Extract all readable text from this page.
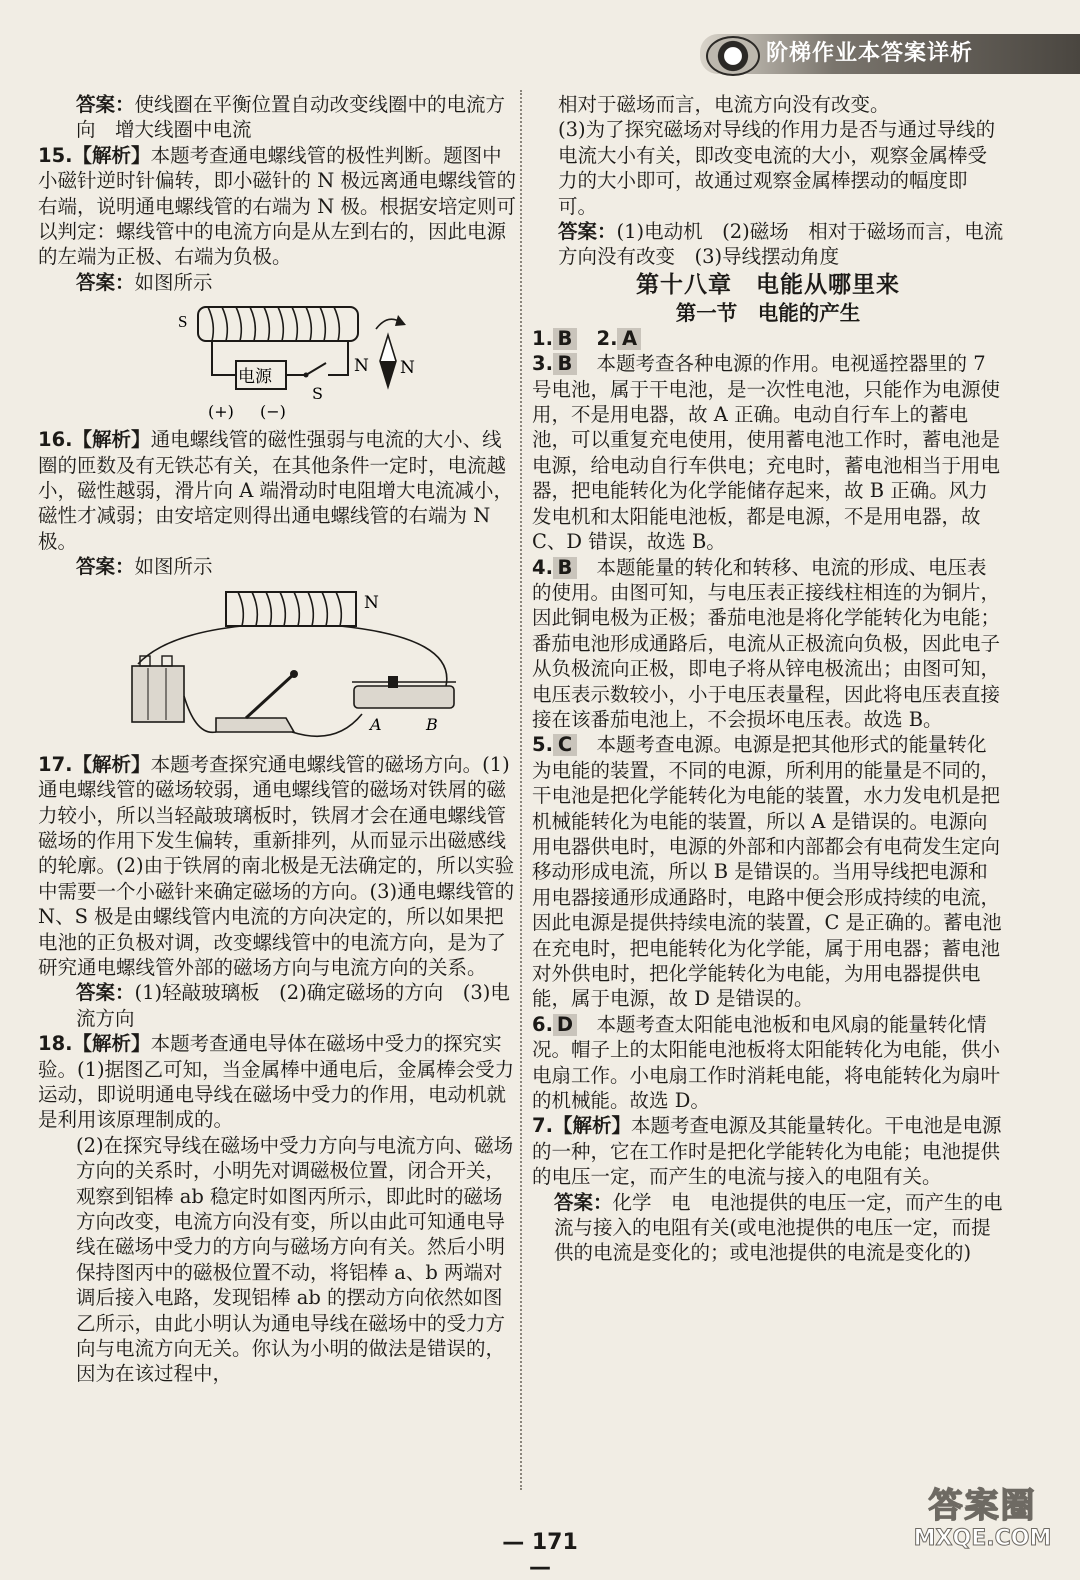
阶梯作业本答案详析

答案：使线圈在平衡位置自动改变线圈中的电流方向　增大线圈中电流

15.【解析】本题考查通电螺线管的极性判断。题图中小磁针逆时针偏转，即小磁针的 N 极远离通电螺线管的右端，说明通电螺线管的右端为 N 极。根据安培定则可以判定：螺线管中的电流方向是从左到右的，因此电源的左端为正极、右端为负极。

答案：如图所示

S
电源
S
N
(+) (−)
N

16.【解析】通电螺线管的磁性强弱与电流的大小、线圈的匝数及有无铁芯有关，在其他条件一定时，电流越小，磁性越弱，滑片向 A 端滑动时电阻增大电流减小，磁性才减弱；由安培定则得出通电螺线管的右端为 N 极。

答案：如图所示

N
A	B

17.【解析】本题考查探究通电螺线管的磁场方向。(1)通电螺线管的磁场较弱，通电螺线管的磁场对铁屑的磁力较小，所以当轻敲玻璃板时，铁屑才会在通电螺线管磁场的作用下发生偏转，重新排列，从而显示出磁感线的轮廓。(2)由于铁屑的南北极是无法确定的，所以实验中需要一个小磁针来确定磁场的方向。(3)通电螺线管的 N、S 极是由螺线管内电流的方向决定的，所以如果把电池的正负极对调，改变螺线管中的电流方向，是为了研究通电螺线管外部的磁场方向与电流方向的关系。

答案：(1)轻敲玻璃板　(2)确定磁场的方向　(3)电流方向

18.【解析】本题考查通电导体在磁场中受力的探究实验。(1)据图乙可知，当金属棒中通电后，金属棒会受力运动，即说明通电导线在磁场中受力的作用，电动机就是利用该原理制成的。

(2)在探究导线在磁场中受力方向与电流方向、磁场方向的关系时，小明先对调磁极位置，闭合开关，观察到铝棒 ab 稳定时如图丙所示，即此时的磁场方向改变，电流方向没有变，所以由此可知通电导线在磁场中受力的方向与磁场方向有关。然后小明保持图丙中的磁极位置不动，将铝棒 a、b 两端对调后接入电路，发现铝棒 ab 的摆动方向依然如图乙所示，由此小明认为通电导线在磁场中的受力方向与电流方向无关。你认为小明的做法是错误的，因为在该过程中，

相对于磁场而言，电流方向没有改变。

(3)为了探究磁场对导线的作用力是否与通过导线的电流大小有关，即改变电流的大小，观察金属棒受力的大小即可，故通过观察金属棒摆动的幅度即可。

答案：(1)电动机　(2)磁场　相对于磁场而言，电流方向没有改变　(3)导线摆动角度

第十八章　电能从哪里来

第一节　电能的产生

1. B　 2. A

3. B　 本题考查各种电源的作用。电视遥控器里的 7 号电池，属于干电池，是一次性电池，只能作为电源使用，不是用电器，故 A 正确。电动自行车上的蓄电池，可以重复充电使用，使用蓄电池工作时，蓄电池是电源，给电动自行车供电；充电时，蓄电池相当于用电器，把电能转化为化学能储存起来，故 B 正确。风力发电机和太阳能电池板，都是电源，不是用电器，故 C、D 错误，故选 B。

4. B　 本题能量的转化和转移、电流的形成、电压表的使用。由图可知，与电压表正接线柱相连的为铜片，因此铜电极为正极；番茄电池是将化学能转化为电能；番茄电池形成通路后，电流从正极流向负极，因此电子从负极流向正极，即电子将从锌电极流出；由图可知，电压表示数较小，小于电压表量程，因此将电压表直接接在该番茄电池上，不会损坏电压表。故选 B。

5. C　 本题考查电源。电源是把其他形式的能量转化为电能的装置，不同的电源，所利用的能量是不同的，干电池是把化学能转化为电能的装置，水力发电机是把机械能转化为电能的装置，所以 A 是错误的。电源向用电器供电时，电源的外部和内部都会有电荷发生定向移动形成电流，所以 B 是错误的。当用导线把电源和用电器接通形成通路时，电路中便会形成持续的电流，因此电源是提供持续电流的装置，C 是正确的。蓄电池在充电时，把电能转化为化学能，属于用电器；蓄电池对外供电时，把化学能转化为电能，为用电器提供电能，属于电源，故 D 是错误的。

6. D　 本题考查太阳能电池板和电风扇的能量转化情况。帽子上的太阳能电池板将太阳能转化为电能，供小电扇工作。小电扇工作时消耗电能，将电能转化为扇叶的机械能。故选 D。

7.【解析】本题考查电源及其能量转化。干电池是电源的一种，它在工作时是把化学能转化为电能；电池提供的电压一定，而产生的电流与接入的电阻有关。

答案：化学　电　电池提供的电压一定，而产生的电流与接入的电阻有关(或电池提供的电压一定，而提供的电流是变化的；或电池提供的电流是变化的)

— 171 —
答案圈
MXQE.COM
